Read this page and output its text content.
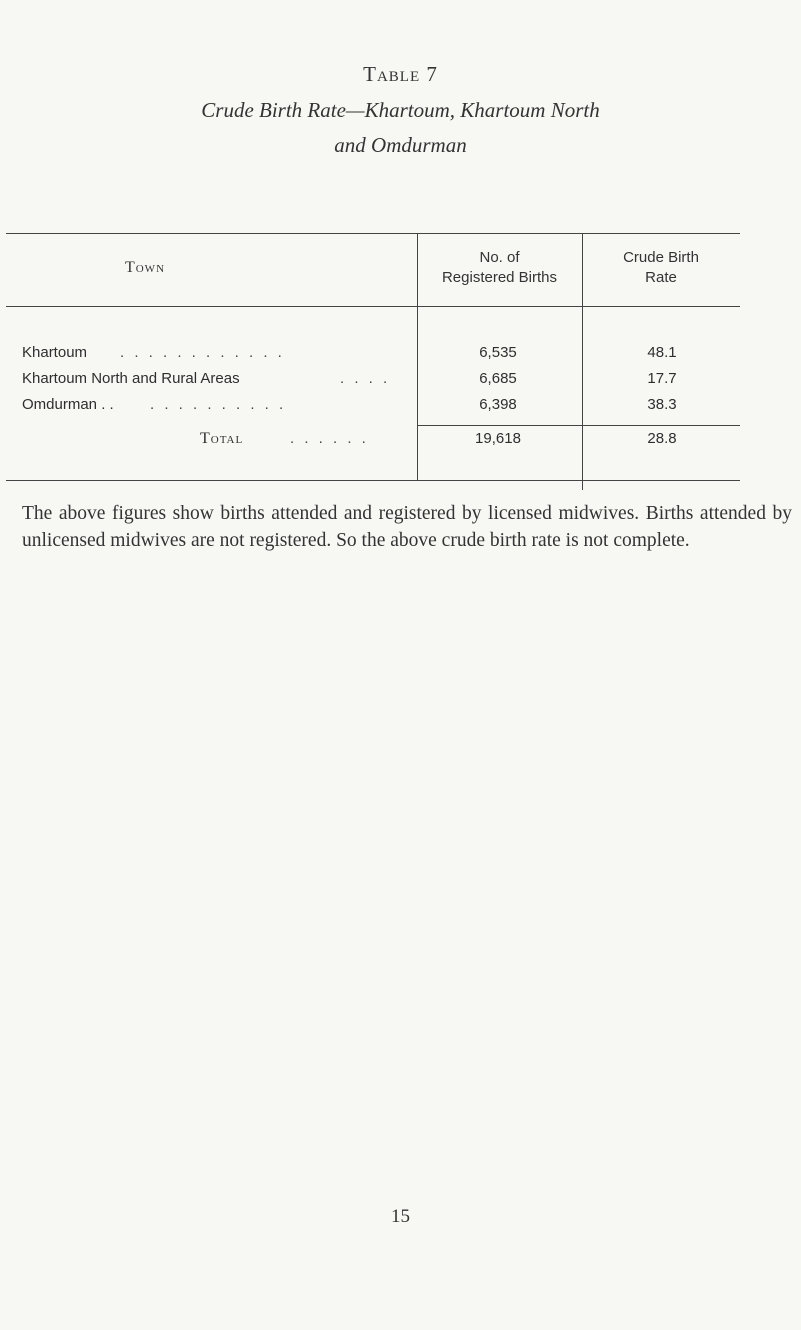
Table 7
Crude Birth Rate—Khartoum, Khartoum North
and Omdurman
Town
No. of
Registered Births
Crude Birth
Rate
Khartoum . . . . . . . . . . . .	6,535	48.1
Khartoum North and Rural Areas	. . . .	6,685	17.7
Omdurman . . . . . . . . . . . .	6,398	38.3
Total	. . . . . .	19,618	28.8
The above figures show births attended and registered by licensed midwives. Births attended by unlicensed midwives are not registered. So the above crude birth rate is not complete.
15
